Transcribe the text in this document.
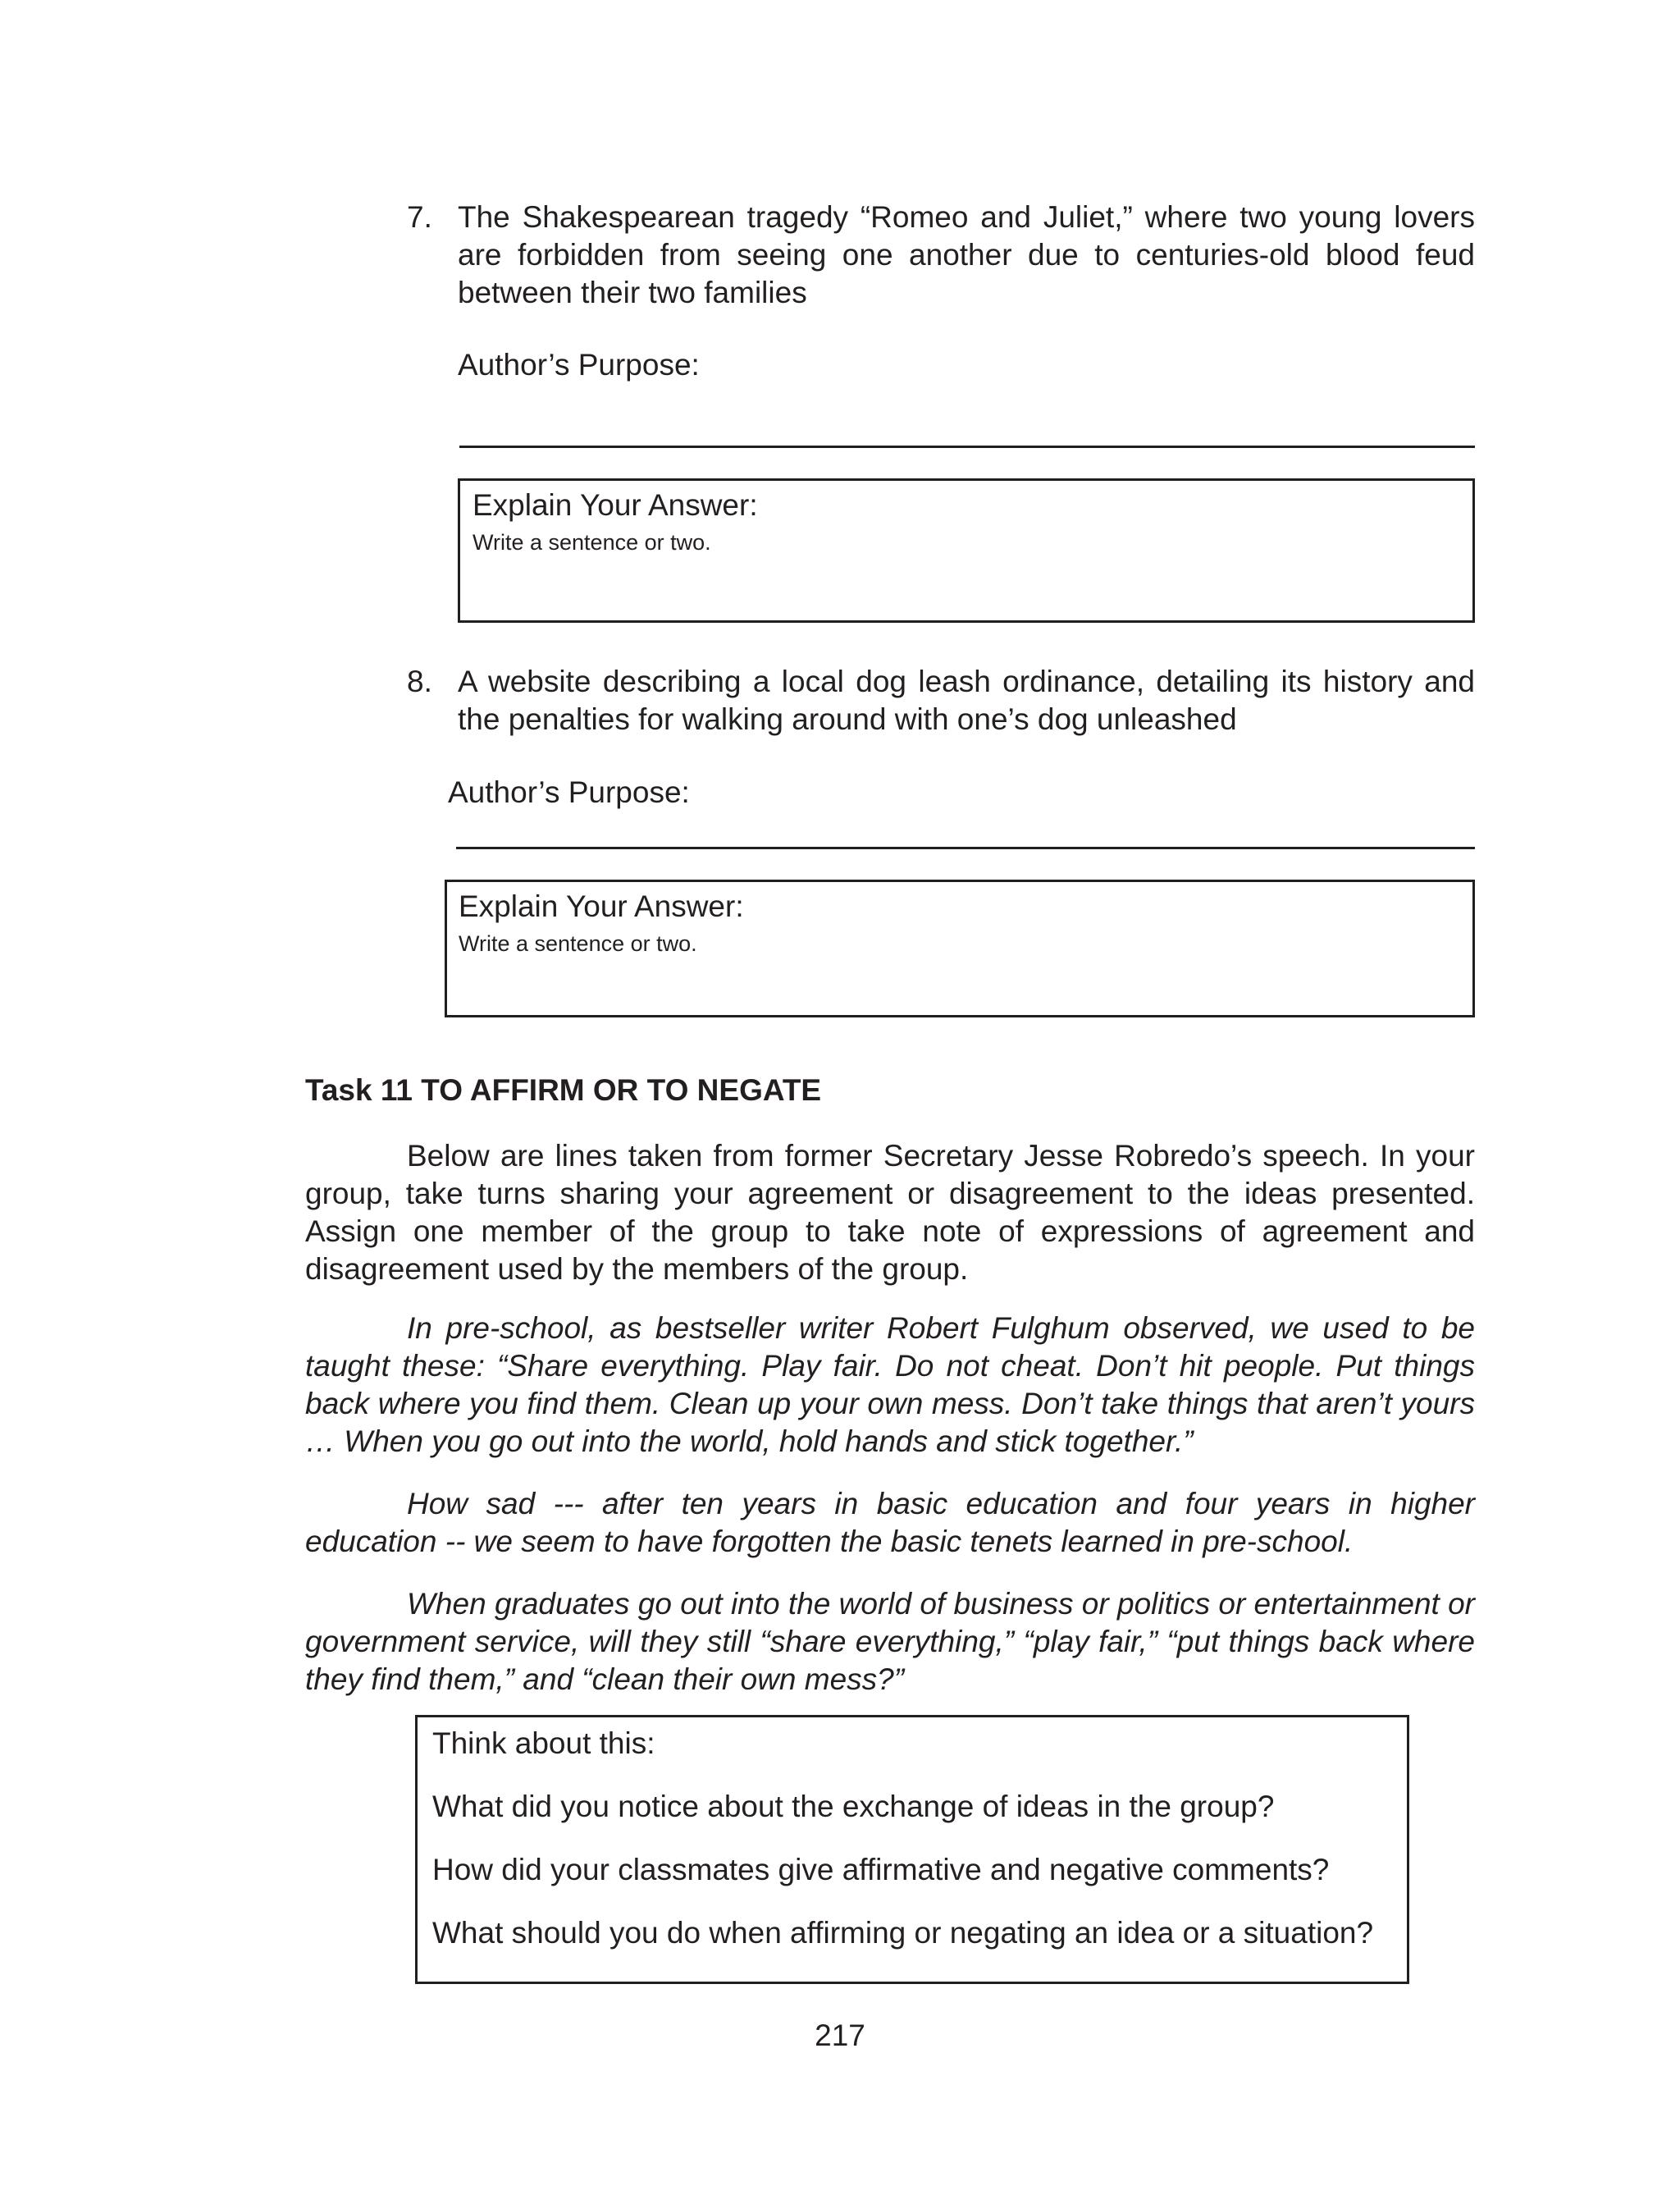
7. The Shakespearean tragedy “Romeo and Juliet,” where two young lovers are forbidden from seeing one another due to centuries-old blood feud between their two families
Author’s Purpose:
Explain Your Answer:
Write a sentence or two.
8. A website describing a local dog leash ordinance, detailing its history and the penalties for walking around with one’s dog unleashed
Author’s Purpose:
Explain Your Answer:
Write a sentence or two.
Task 11 TO AFFIRM OR TO NEGATE
Below are lines taken from former Secretary Jesse Robredo’s speech. In your group, take turns sharing your agreement or disagreement to the ideas presented. Assign one member of the group to take note of expressions of agreement and disagreement used by the members of the group.
In pre-school, as bestseller writer Robert Fulghum observed, we used to be taught these: “Share everything. Play fair. Do not cheat. Don’t hit people. Put things back where you find them. Clean up your own mess. Don’t take things that aren’t yours … When you go out into the world, hold hands and stick together.”
How sad --- after ten years in basic education and four years in higher education -- we seem to have forgotten the basic tenets learned in pre-school.
When graduates go out into the world of business or politics or entertainment or government service, will they still “share everything,” “play fair,” “put things back where they find them,” and “clean their own mess?”
Think about this:
What did you notice about the exchange of ideas in the group?
How did your classmates give affirmative and negative comments?
What should you do when affirming or negating an idea or a situation?
217
